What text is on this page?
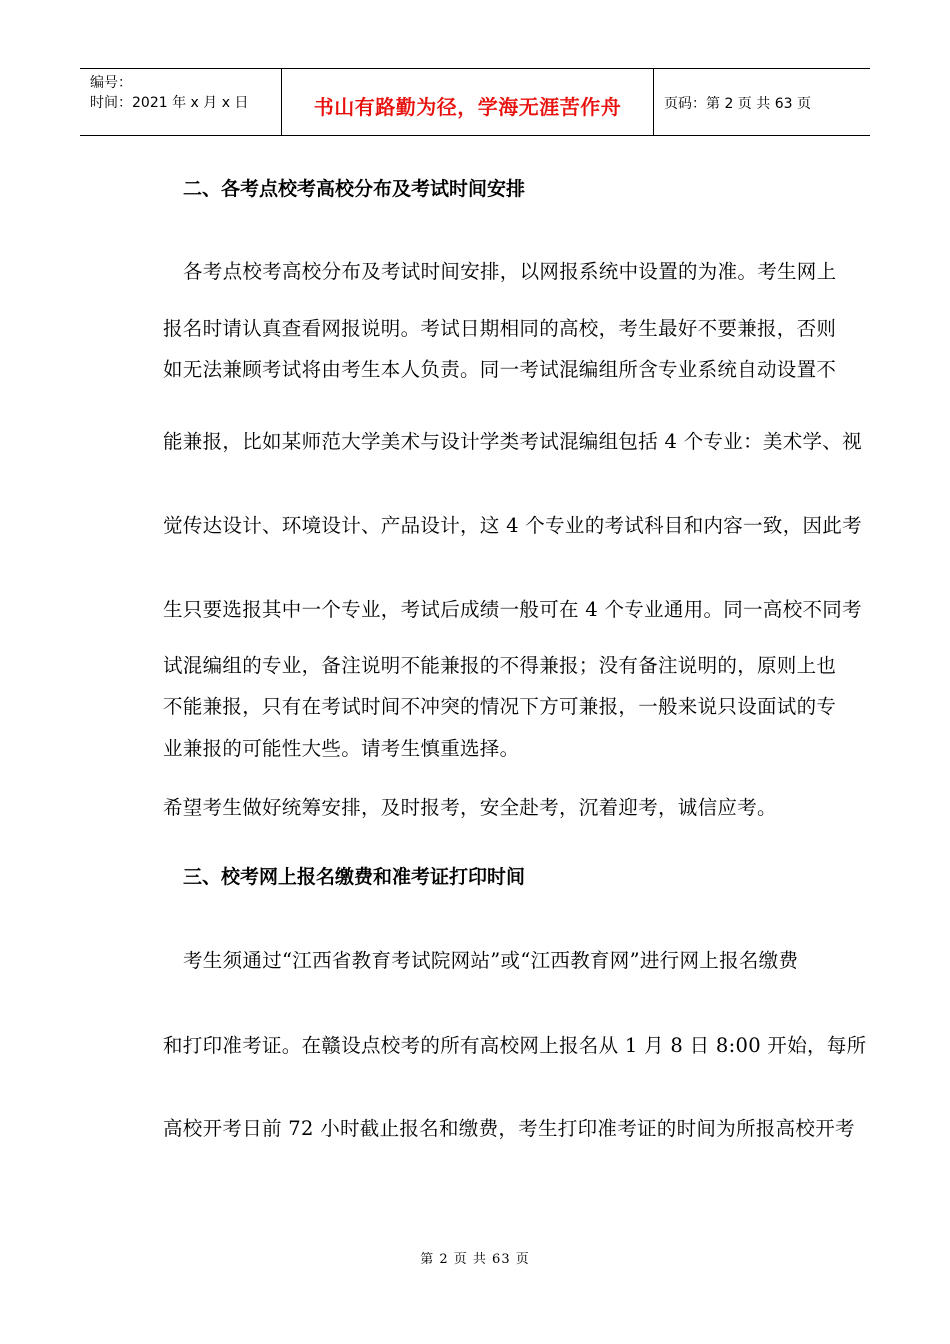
编号：
时间：2021 年 x 月 x 日	书山有路勤为径，学海无涯苦作舟	页码：第 2 页 共 63 页
二、各考点校考高校分布及考试时间安排
各考点校考高校分布及考试时间安排，以网报系统中设置的为准。考生网上
报名时请认真查看网报说明。考试日期相同的高校，考生最好不要兼报，否则
如无法兼顾考试将由考生本人负责。同一考试混编组所含专业系统自动设置不
能兼报，比如某师范大学美术与设计学类考试混编组包括 4 个专业：美术学、视
觉传达设计、环境设计、产品设计，这 4 个专业的考试科目和内容一致，因此考
生只要选报其中一个专业，考试后成绩一般可在 4 个专业通用。同一高校不同考
试混编组的专业，备注说明不能兼报的不得兼报；没有备注说明的，原则上也
不能兼报，只有在考试时间不冲突的情况下方可兼报，一般来说只设面试的专
业兼报的可能性大些。请考生慎重选择。
希望考生做好统筹安排，及时报考，安全赴考，沉着迎考，诚信应考。
三、校考网上报名缴费和准考证打印时间
考生须通过“江西省教育考试院网站”或“江西教育网”进行网上报名缴费
和打印准考证。在赣设点校考的所有高校网上报名从 1 月 8 日 8:00 开始，每所
高校开考日前 72 小时截止报名和缴费，考生打印准考证的时间为所报高校开考
第 2 页 共 63 页
